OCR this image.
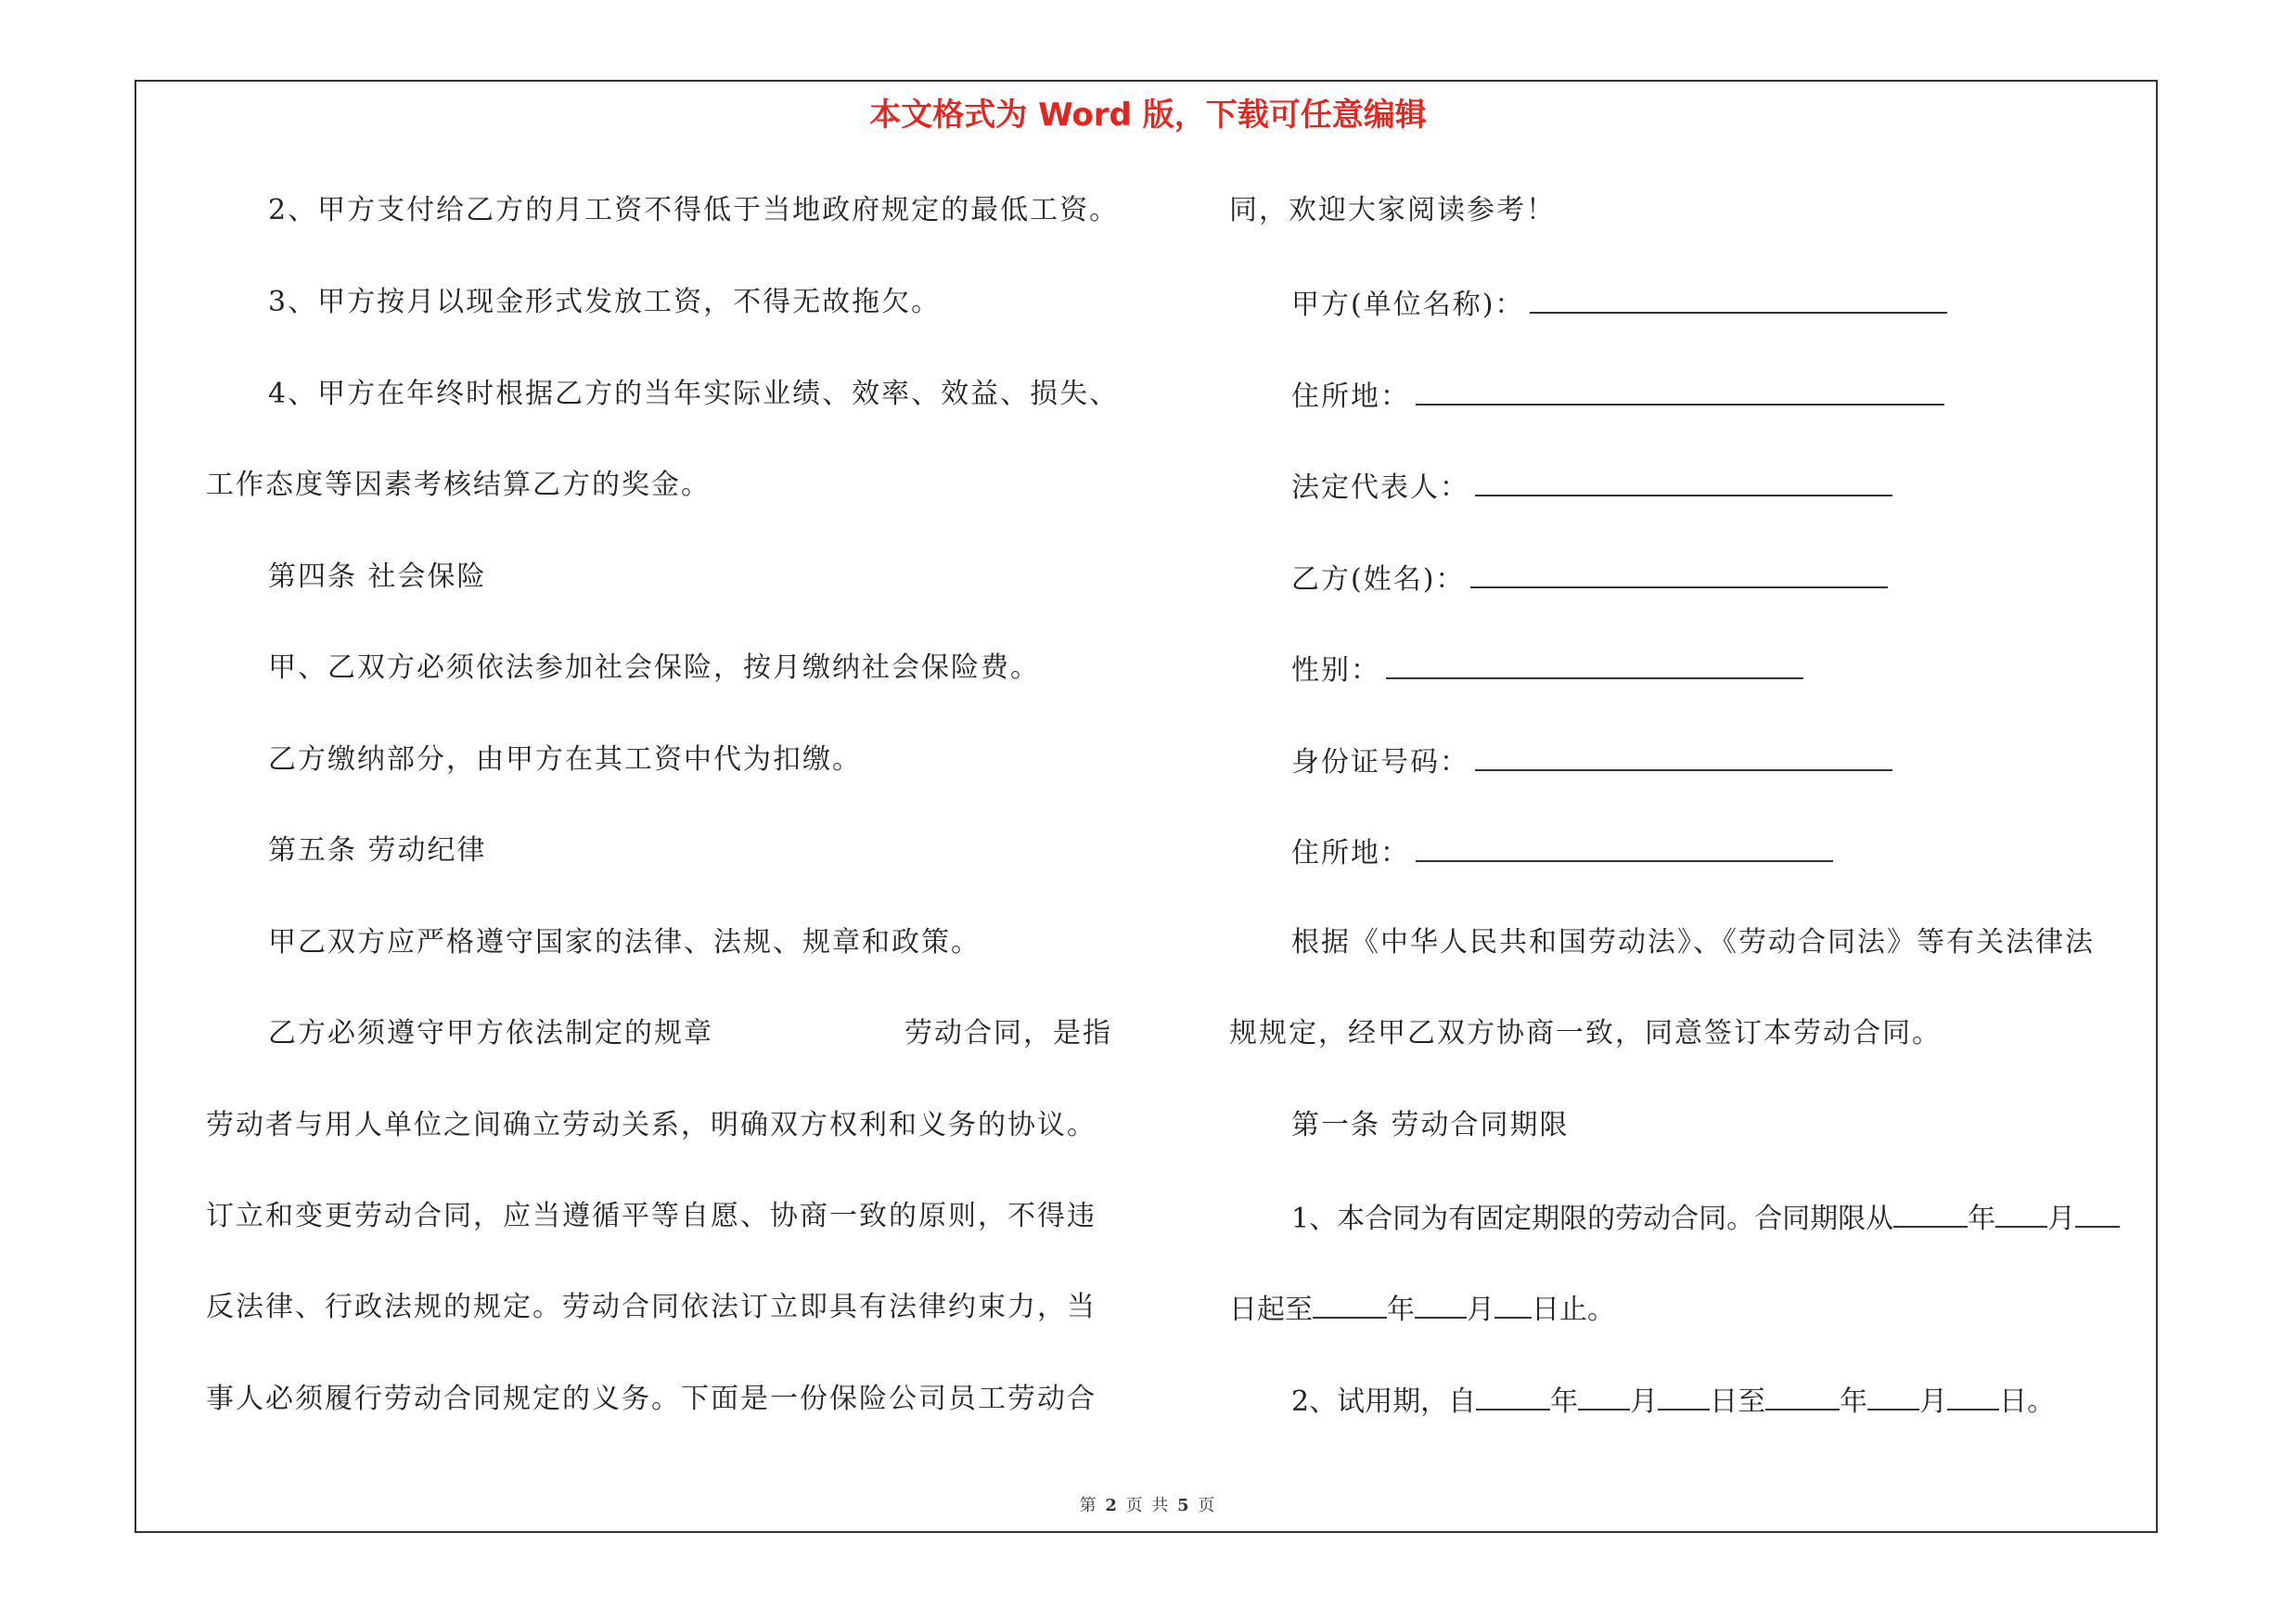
本文格式为 Word 版，下载可任意编辑
2、甲方支付给乙方的月工资不得低于当地政府规定的最低工资。
3、甲方按月以现金形式发放工资，不得无故拖欠。
4、甲方在年终时根据乙方的当年实际业绩、效率、效益、损失、
工作态度等因素考核结算乙方的奖金。
第四条 社会保险
甲、乙双方必须依法参加社会保险，按月缴纳社会保险费。
乙方缴纳部分，由甲方在其工资中代为扣缴。
第五条 劳动纪律
甲乙双方应严格遵守国家的法律、法规、规章和政策。
乙方必须遵守甲方依法制定的规章	劳动合同，是指
劳动者与用人单位之间确立劳动关系，明确双方权利和义务的协议。
订立和变更劳动合同，应当遵循平等自愿、协商一致的原则，不得违
反法律、行政法规的规定。劳动合同依法订立即具有法律约束力，当
事人必须履行劳动合同规定的义务。下面是一份保险公司员工劳动合
同，欢迎大家阅读参考！
甲方(单位名称)：
住所地：
法定代表人：
乙方(姓名)：
性别：
身份证号码：
住所地：
根据《中华人民共和国劳动法》、《劳动合同法》等有关法律法
规规定，经甲乙双方协商一致，同意签订本劳动合同。
第一条 劳动合同期限
1、本合同为有固定期限的劳动合同。合同期限从	年 月
日起至	年 月 日止。
2、试用期，自	年 月 日至	年 月 日。
第 2 页 共 5 页
